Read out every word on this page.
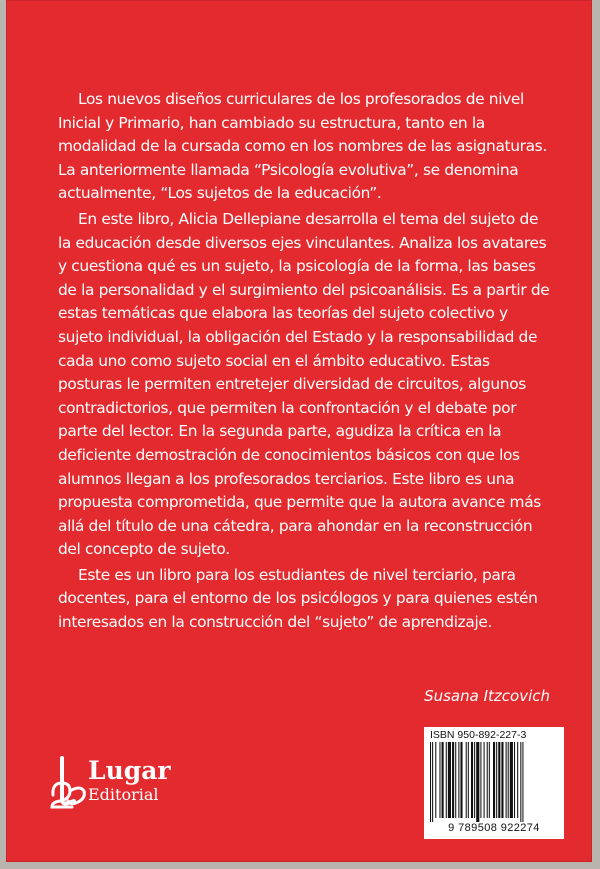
Los nuevos diseños curriculares de los profesorados de nivel
Inicial y Primario, han cambiado su estructura, tanto en la
modalidad de la cursada como en los nombres de las asignaturas.
La anteriormente llamada “Psicología evolutiva”, se denomina
actualmente, “Los sujetos de la educación”.

En este libro, Alicia Dellepiane desarrolla el tema del sujeto de
la educación desde diversos ejes vinculantes. Analiza los avatares
y cuestiona qué es un sujeto, la psicología de la forma, las bases
de la personalidad y el surgimiento del psicoanálisis. Es a partir de
estas temáticas que elabora las teorías del sujeto colectivo y
sujeto individual, la obligación del Estado y la responsabilidad de
cada uno como sujeto social en el ámbito educativo. Estas
posturas le permiten entretejer diversidad de circuitos, algunos
contradictorios, que permiten la confrontación y el debate por
parte del lector. En la segunda parte, agudiza la crítica en la
deficiente demostración de conocimientos básicos con que los
alumnos llegan a los profesorados terciarios. Este libro es una
propuesta comprometida, que permite que la autora avance más
allá del título de una cátedra, para ahondar en la reconstrucción
del concepto de sujeto.

Este es un libro para los estudiantes de nivel terciario, para
docentes, para el entorno de los psicólogos y para quienes estén
interesados en la construcción del “sujeto” de aprendizaje.

Susana Itzcovich
Lugar
Editorial
ISBN 950-892-227-3
9 789508 922274
